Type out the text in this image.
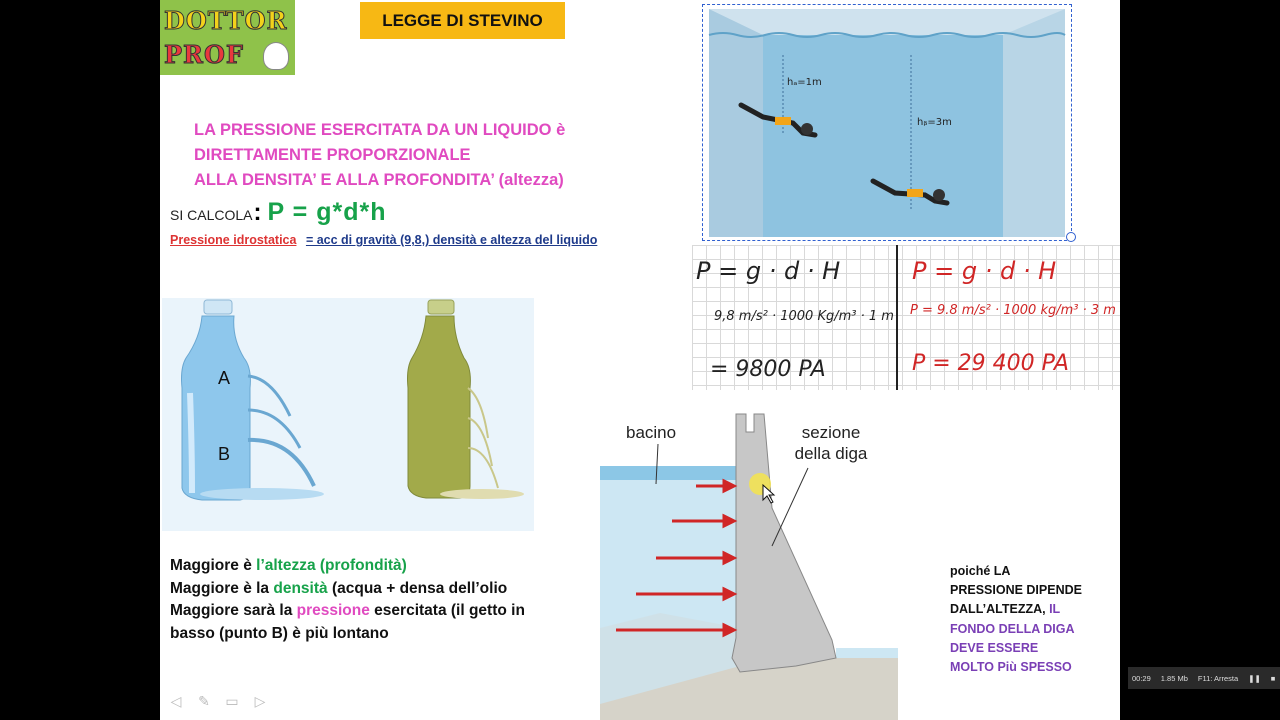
DOTTOR
PROF
LEGGE DI STEVINO
LA PRESSIONE ESERCITATA DA UN LIQUIDO è
DIRETTAMENTE PROPORZIONALE
ALLA DENSITA’ E ALLA PROFONDITA’ (altezza)
SI CALCOLA : P = g*d*h
Pressione idrostatica = acc di gravità (9,8,) densità e altezza del liquido
A
B
Maggiore è l’altezza (profondità)
Maggiore è la densità (acqua + densa dell’olio
Maggiore sarà la pressione esercitata (il getto in
basso (punto B) è più lontano
hₐ=1m
hᵦ=3m
P = g · d · H
9,8 m/s² · 1000 Kg/m³ · 1 m
= 9800 PA
P = g · d · H
P = 9.8 m/s² · 1000 kg/m³ · 3 m
P = 29 400 PA
bacino	sezione
della diga
poiché LA
PRESSIONE DIPENDE
DALL’ALTEZZA, IL
FONDO DELLA DIGA
DEVE ESSERE
MOLTO Più SPESSO
◁ ✎ ▭ ▷
00:29 1.85 Mb F11: Arresta ❚❚ ■
